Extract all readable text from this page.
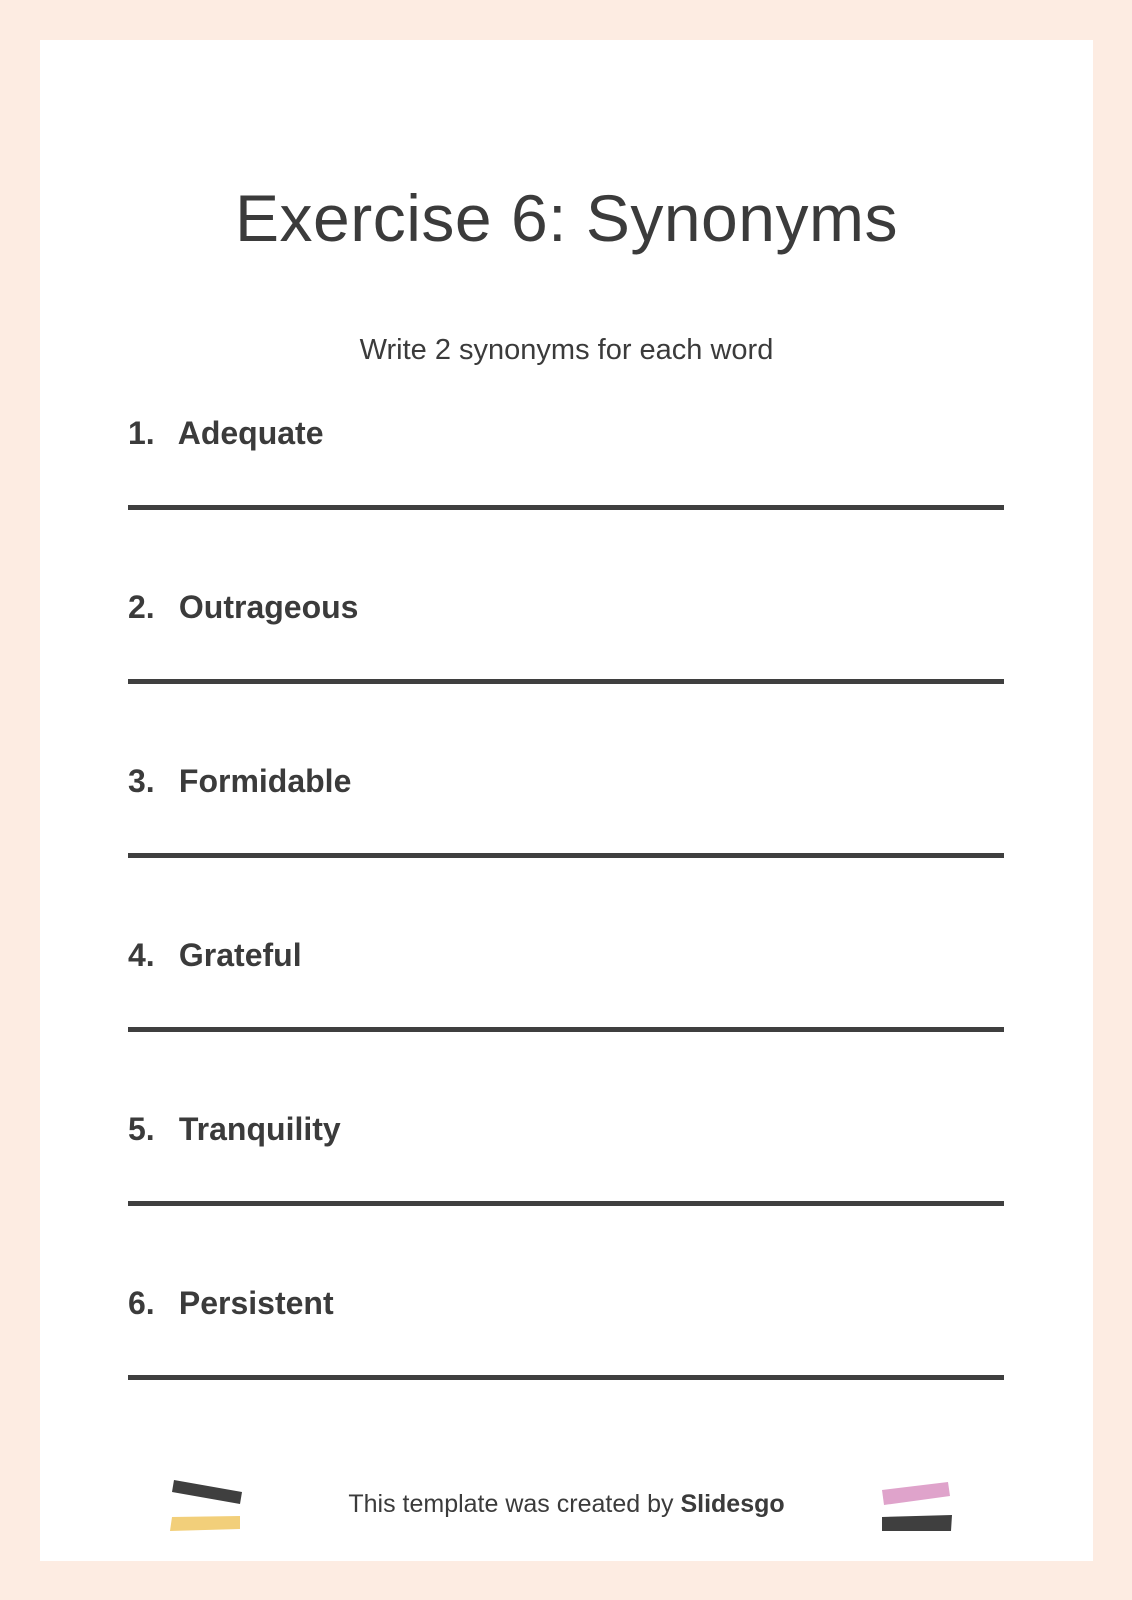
Exercise 6: Synonyms
Write 2 synonyms for each word
1. Adequate
2. Outrageous
3. Formidable
4. Grateful
5. Tranquility
6. Persistent
This template was created by Slidesgo
